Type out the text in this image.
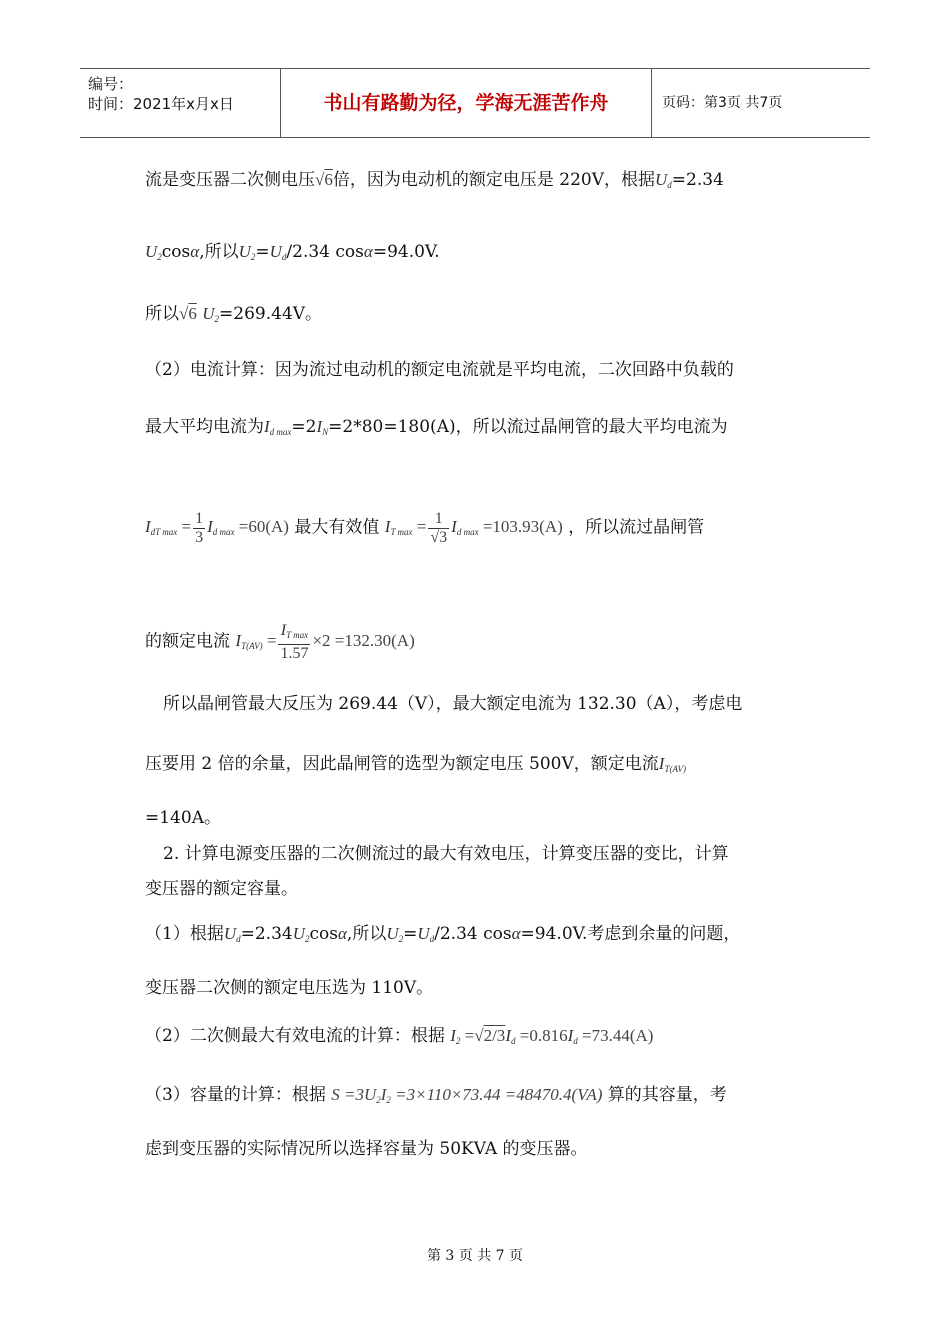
编号：
时间：2021年x月x日	书山有路勤为径，学海无涯苦作舟	页码：第3页 共7页
流是变压器二次侧电压√6倍，因为电动机的额定电压是 220V，根据$U_d=2.34$
$U_2\cos\alpha$,所以$U_2=U_d/2.34$ cosα=94.0V.
所以√6 $U_2=269.44V$。
（2）电流计算：因为流过电动机的额定电流就是平均电流，二次回路中负载的
最大平均电流为$I_{d max}=2I_N=2*80=180(A)$，所以流过晶闸管的最大平均电流为
$I_{dT max} = \frac{1}{3} I_{d max} =60(A)$ 最大有效值 $I_{T max} = \frac{1}{√3} I_{d max} =103.93(A)$ ，所以流过晶闸管
的额定电流 $I_{T(AV)} = \frac{I_{T max}}{1.57} \times 2 =132.30(A)$
所以晶闸管最大反压为 269.44（V），最大额定电流为 132.30（A），考虑电
压要用 2 倍的余量，因此晶闸管的选型为额定电压 500V，额定电流$I_{T(AV)}$
=140A。
2. 计算电源变压器的二次侧流过的最大有效电压，计算变压器的变比，计算
变压器的额定容量。
（1）根据$U_d=2.34U_2\cos\alpha$,所以$U_2=U_d/2.34$ cosα=94.0V.考虑到余量的问题，
变压器二次侧的额定电压选为 110V。
（2）二次侧最大有效电流的计算：根据 $I_2 =√2/3I_d =0.816I_d =73.44(A)$
（3）容量的计算：根据 $S =3U_2I_2 =3\times 110\times 73.44 =48470.4(VA)$ 算的其容量，考
虑到变压器的实际情况所以选择容量为 50KVA 的变压器。
第 3 页 共 7 页
